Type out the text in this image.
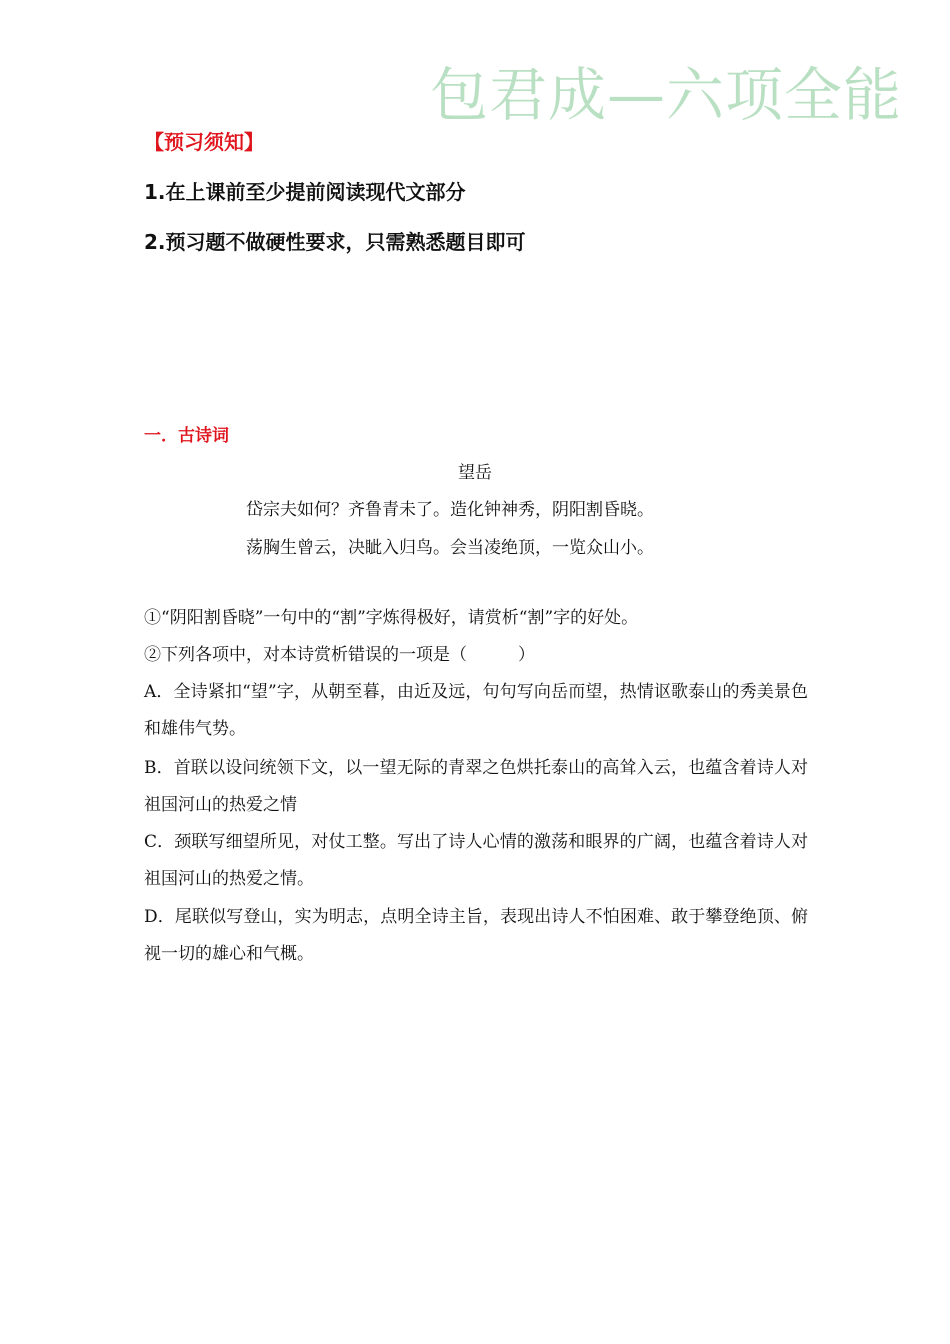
包君成—六项全能
【预习须知】
1.在上课前至少提前阅读现代文部分
2.预习题不做硬性要求，只需熟悉题目即可
一．古诗词
望岳
岱宗夫如何？齐鲁青未了。造化钟神秀，阴阳割昏晓。
荡胸生曾云，决眦入归鸟。会当凌绝顶，一览众山小。
①“阴阳割昏晓”一句中的“割”字炼得极好，请赏析“割”字的好处。
②下列各项中，对本诗赏析错误的一项是（　　　）
A．全诗紧扣“望”字，从朝至暮，由近及远，句句写向岳而望，热情讴歌泰山的秀美景色和雄伟气势。
B．首联以设问统领下文，以一望无际的青翠之色烘托泰山的高耸入云，也蕴含着诗人对祖国河山的热爱之情
C．颈联写细望所见，对仗工整。写出了诗人心情的激荡和眼界的广阔，也蕴含着诗人对祖国河山的热爱之情。
D．尾联似写登山，实为明志，点明全诗主旨，表现出诗人不怕困难、敢于攀登绝顶、俯视一切的雄心和气概。
